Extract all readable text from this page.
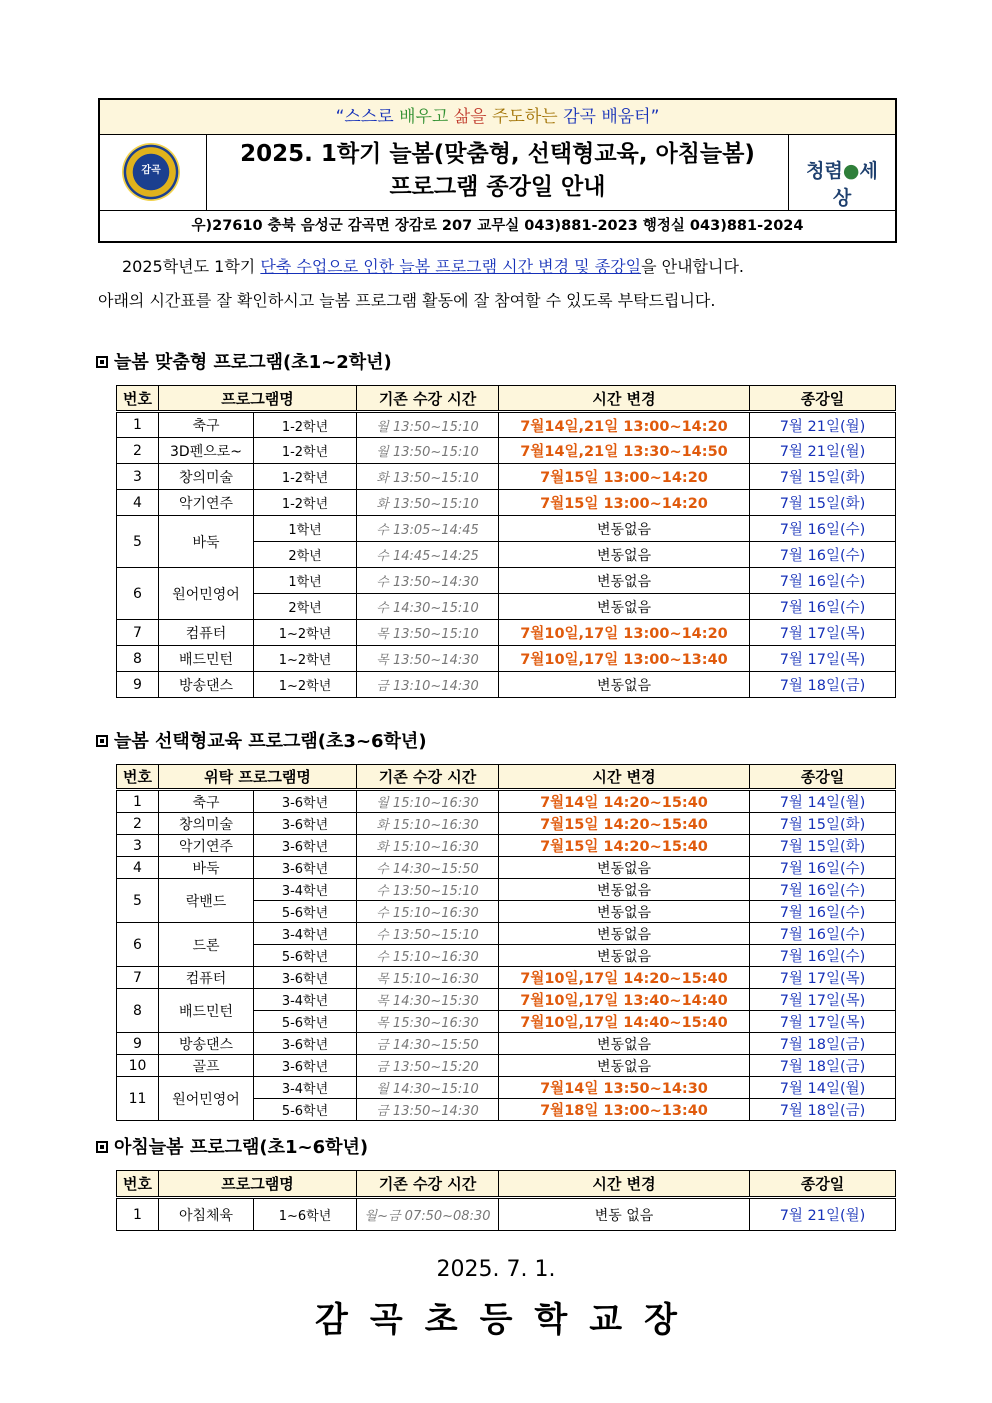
“스스로 배우고 삶을 주도하는 감곡 배움터”
감곡
2025. 1학기 늘봄(맞춤형, 선택형교육, 아침늘봄)
프로그램 종강일 안내
청렴●세상
우)27610 충북 음성군 감곡면 장감로 207 교무실 043)881-2023 행정실 043)881-2024
2025학년도 1학기 단축 수업으로 인한 늘봄 프로그램 시간 변경 및 종강일을 안내합니다.
아래의 시간표를 잘 확인하시고 늘봄 프로그램 활동에 잘 참여할 수 있도록 부탁드립니다.
늘봄 맞춤형 프로그램(초1~2학년)
번호	프로그램명		기존 수강 시간	시간 변경	종강일
1	축구	1-2학년	월 13:50~15:10	7월14일,21일 13:00~14:20	7월 21일(월)
2	3D펜으로~	1-2학년	월 13:50~15:10	7월14일,21일 13:30~14:50	7월 21일(월)
3	창의미술	1-2학년	화 13:50~15:10	7월15일 13:00~14:20	7월 15일(화)
4	악기연주	1-2학년	화 13:50~15:10	7월15일 13:00~14:20	7월 15일(화)
5	바둑	1학년	수 13:05~14:45	변동없음	7월 16일(수)
		2학년	수 14:45~14:25	변동없음	7월 16일(수)
6	원어민영어	1학년	수 13:50~14:30	변동없음	7월 16일(수)
		2학년	수 14:30~15:10	변동없음	7월 16일(수)
7	컴퓨터	1~2학년	목 13:50~15:10	7월10일,17일 13:00~14:20	7월 17일(목)
8	배드민턴	1~2학년	목 13:50~14:30	7월10일,17일 13:00~13:40	7월 17일(목)
9	방송댄스	1~2학년	금 13:10~14:30	변동없음	7월 18일(금)
늘봄 선택형교육 프로그램(초3~6학년)
번호	위탁 프로그램명		기존 수강 시간	시간 변경	종강일
1	축구	3-6학년	월 15:10~16:30	7월14일 14:20~15:40	7월 14일(월)
2	창의미술	3-6학년	화 15:10~16:30	7월15일 14:20~15:40	7월 15일(화)
3	악기연주	3-6학년	화 15:10~16:30	7월15일 14:20~15:40	7월 15일(화)
4	바둑	3-6학년	수 14:30~15:50	변동없음	7월 16일(수)
5	락밴드	3-4학년	수 13:50~15:10	변동없음	7월 16일(수)
		5-6학년	수 15:10~16:30	변동없음	7월 16일(수)
6	드론	3-4학년	수 13:50~15:10	변동없음	7월 16일(수)
		5-6학년	수 15:10~16:30	변동없음	7월 16일(수)
7	컴퓨터	3-6학년	목 15:10~16:30	7월10일,17일 14:20~15:40	7월 17일(목)
8	배드민턴	3-4학년	목 14:30~15:30	7월10일,17일 13:40~14:40	7월 17일(목)
		5-6학년	목 15:30~16:30	7월10일,17일 14:40~15:40	7월 17일(목)
9	방송댄스	3-6학년	금 14:30~15:50	변동없음	7월 18일(금)
10	골프	3-6학년	금 13:50~15:20	변동없음	7월 18일(금)
11	원어민영어	3-4학년	월 14:30~15:10	7월14일 13:50~14:30	7월 14일(월)
		5-6학년	금 13:50~14:30	7월18일 13:00~13:40	7월 18일(금)
아침늘봄 프로그램(초1~6학년)
번호	프로그램명		기존 수강 시간	시간 변경	종강일
1	아침체육	1~6학년	월~금 07:50~08:30	변동 없음	7월 21일(월)
2025. 7. 1.
감곡초등학교장
